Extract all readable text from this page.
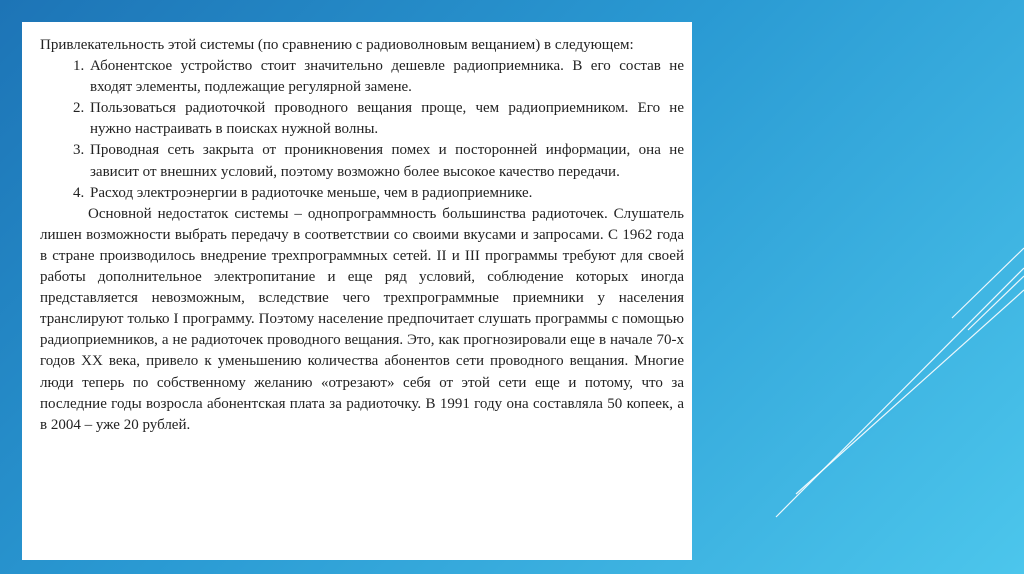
Привлекательность этой системы (по сравнению с радиоволновым вещанием) в следующем:

1. Абонентское устройство стоит значительно дешевле радиоприемника. В его состав не входят элементы, подлежащие регулярной замене.
2. Пользоваться радиоточкой проводного вещания проще, чем радиоприемником. Его не нужно настраивать в поисках нужной волны.
3. Проводная сеть закрыта от проникновения помех и посторонней информации, она не зависит от внешних условий, поэтому возможно более высокое качество передачи.
4. Расход электроэнергии в радиоточке меньше, чем в радиоприемнике.

Основной недостаток системы – однопрограммность большинства радиоточек. Слушатель лишен возможности выбрать передачу в соответствии со своими вкусами и запросами. С 1962 года в стране производилось внедрение трехпрограммных сетей. II и III программы требуют для своей работы дополнительное электропитание и еще ряд условий, соблюдение которых иногда представляется невозможным, вследствие чего трехпрограммные приемники у населения транслируют только I программу. Поэтому население предпочитает слушать программы с помощью радиоприемников, а не радиоточек проводного вещания. Это, как прогнозировали еще в начале 70-х годов XX века, привело к уменьшению количества абонентов сети проводного вещания. Многие люди теперь по собственному желанию «отрезают» себя от этой сети еще и потому, что за последние годы возросла абонентская плата за радиоточку. В 1991 году она составляла 50 копеек, а в 2004 – уже 20 рублей.
